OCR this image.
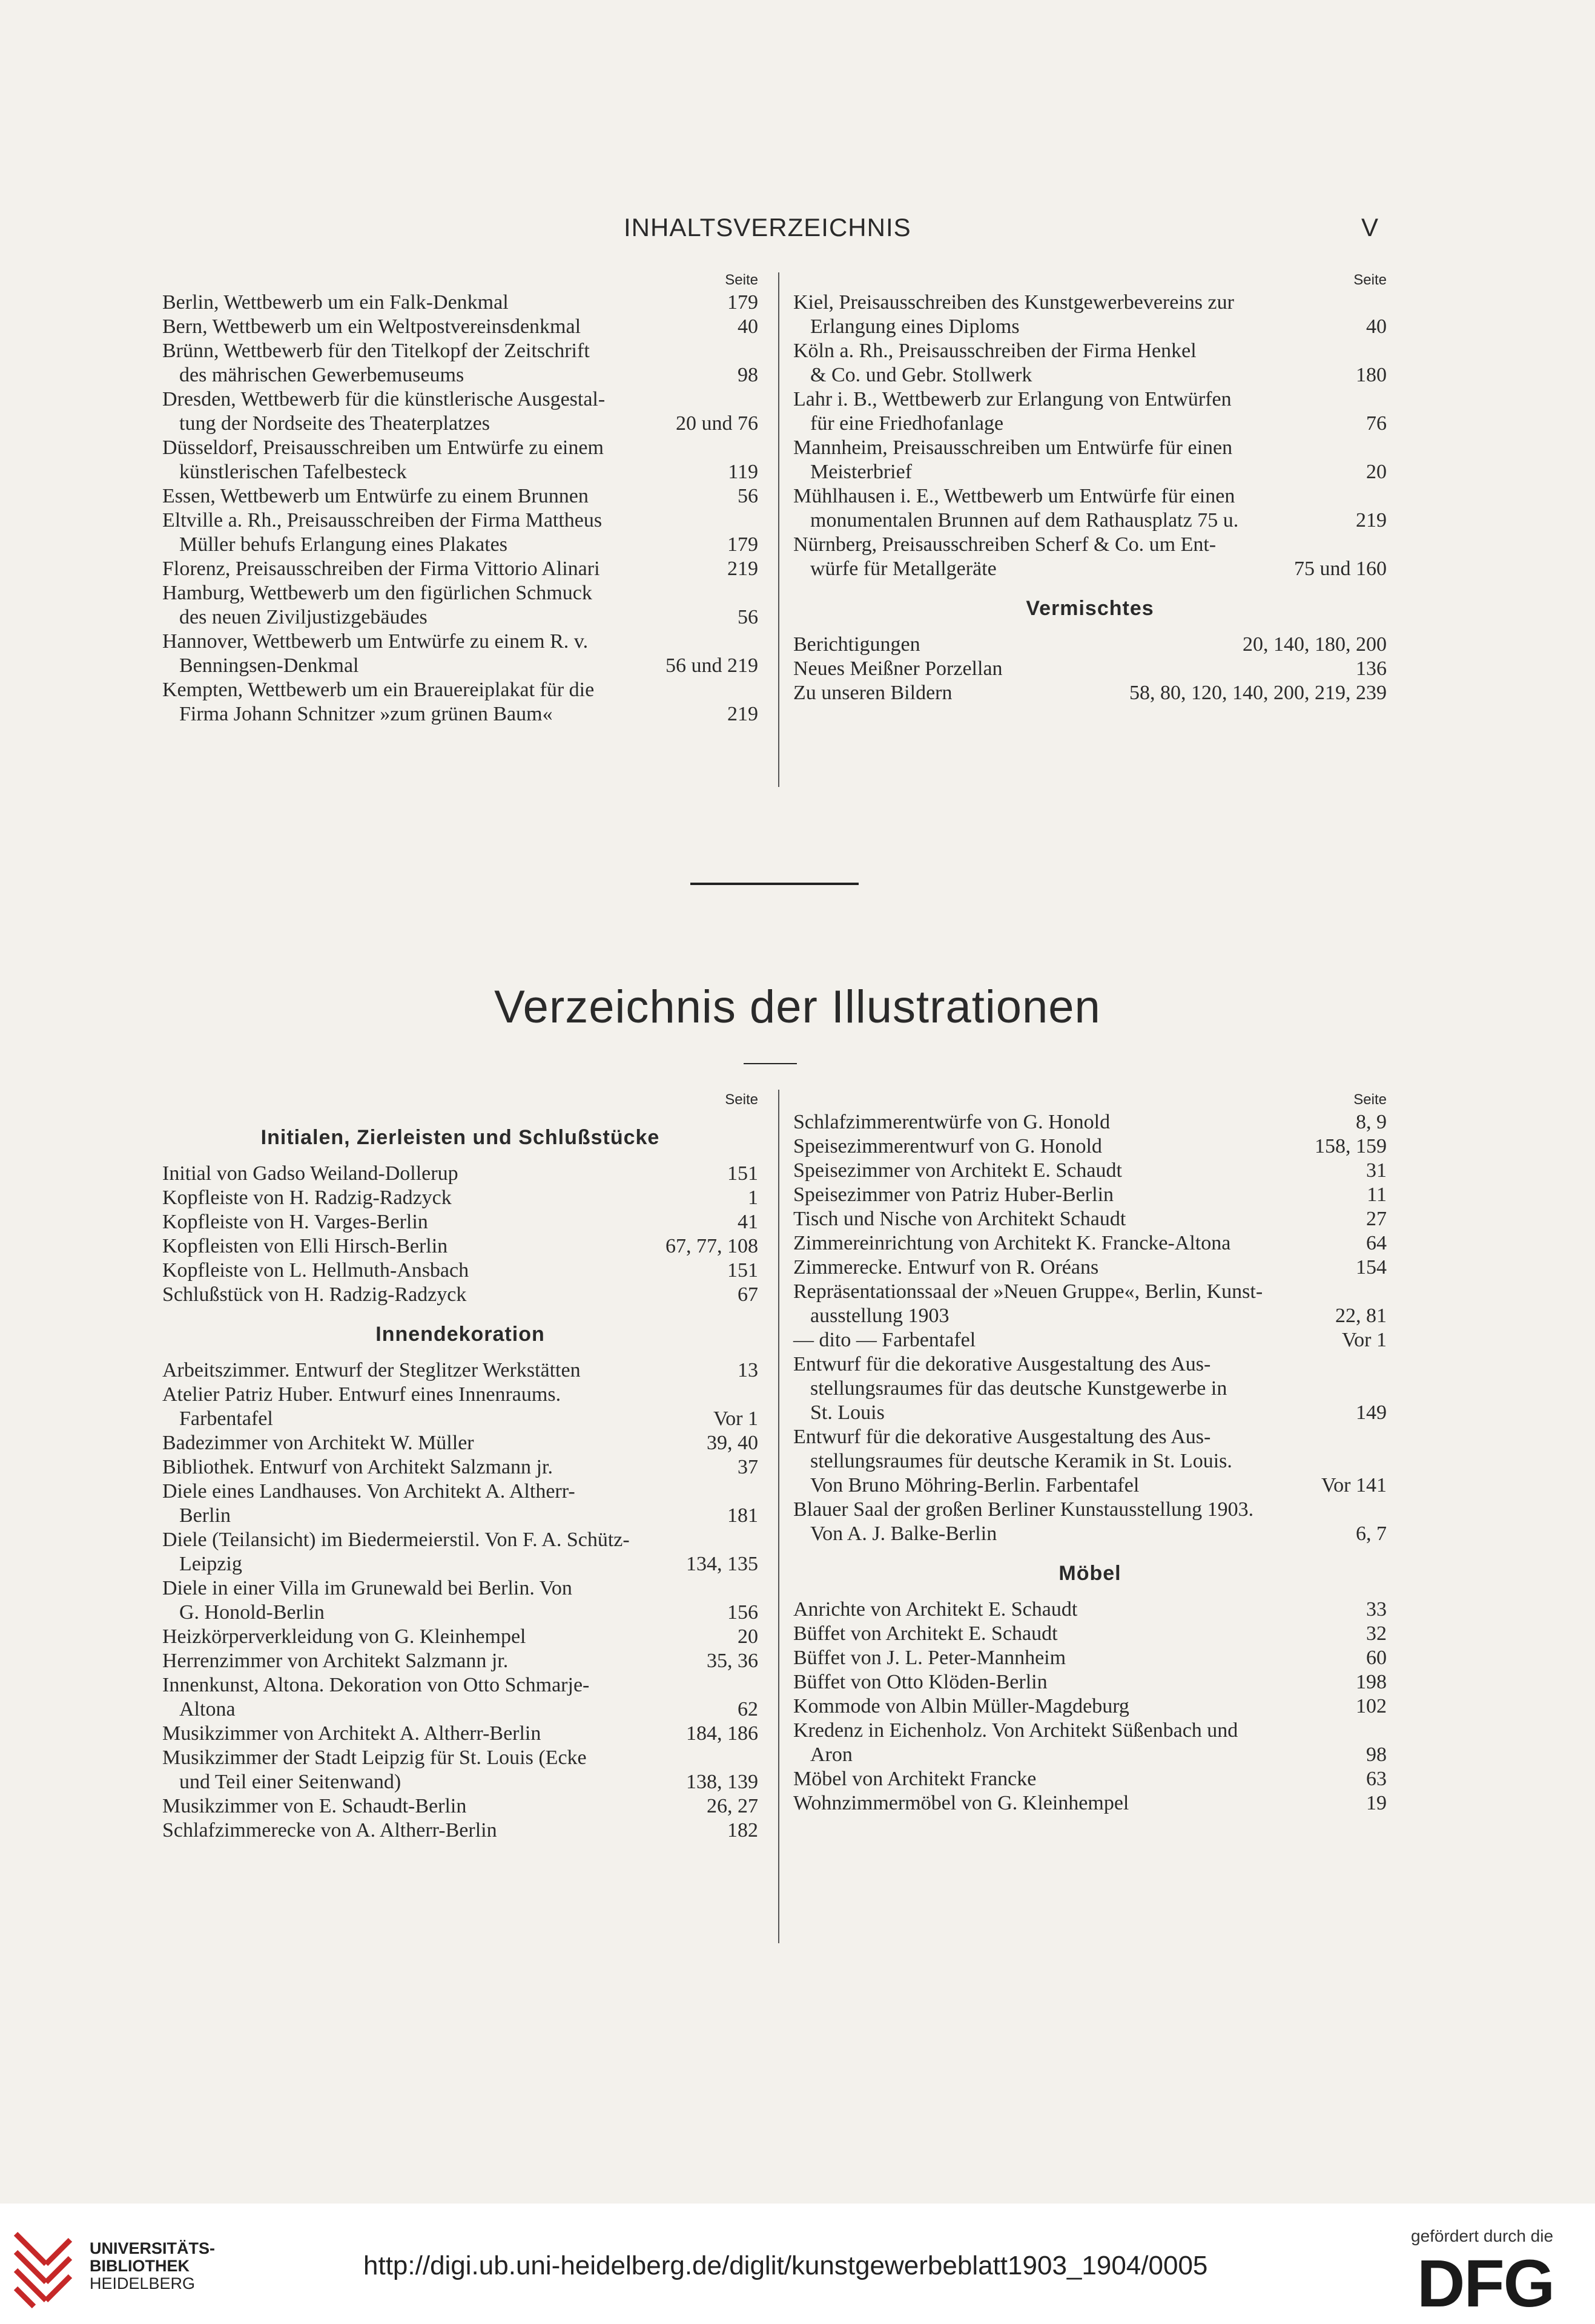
INHALTSVERZEICHNIS	V
Seite
Berlin, Wettbewerb um ein Falk-Denkmal	179
Bern, Wettbewerb um ein Weltpostvereinsdenkmal	40
Brünn, Wettbewerb für den Titelkopf der Zeitschrift
des mährischen Gewerbemuseums	98
Dresden, Wettbewerb für die künstlerische Ausgestal-
tung der Nordseite des Theaterplatzes	20 und 76
Düsseldorf, Preisausschreiben um Entwürfe zu einem
künstlerischen Tafelbesteck	119
Essen, Wettbewerb um Entwürfe zu einem Brunnen	56
Eltville a. Rh., Preisausschreiben der Firma Mattheus
Müller behufs Erlangung eines Plakates	179
Florenz, Preisausschreiben der Firma Vittorio Alinari	219
Hamburg, Wettbewerb um den figürlichen Schmuck
des neuen Ziviljustizgebäudes	56
Hannover, Wettbewerb um Entwürfe zu einem R. v.
Benningsen-Denkmal	56 und 219
Kempten, Wettbewerb um ein Brauereiplakat für die
Firma Johann Schnitzer »zum grünen Baum«	219
Seite
Kiel, Preisausschreiben des Kunstgewerbevereins zur
Erlangung eines Diploms	40
Köln a. Rh., Preisausschreiben der Firma Henkel
& Co. und Gebr. Stollwerk	180
Lahr i. B., Wettbewerb zur Erlangung von Entwürfen
für eine Friedhofanlage	76
Mannheim, Preisausschreiben um Entwürfe für einen
Meisterbrief	20
Mühlhausen i. E., Wettbewerb um Entwürfe für einen
monumentalen Brunnen auf dem Rathausplatz 75 u.	219
Nürnberg, Preisausschreiben Scherf & Co. um Ent-
würfe für Metallgeräte	75 und 160
Vermischtes
Berichtigungen	20, 140, 180, 200
Neues Meißner Porzellan	136
Zu unseren Bildern	58, 80, 120, 140, 200, 219, 239
Verzeichnis der Illustrationen
Seite
Initialen, Zierleisten und Schlußstücke
Initial von Gadso Weiland-Dollerup	151
Kopfleiste von H. Radzig-Radzyck	1
Kopfleiste von H. Varges-Berlin	41
Kopfleisten von Elli Hirsch-Berlin	67, 77, 108
Kopfleiste von L. Hellmuth-Ansbach	151
Schlußstück von H. Radzig-Radzyck	67
Innendekoration
Arbeitszimmer. Entwurf der Steglitzer Werkstätten	13
Atelier Patriz Huber. Entwurf eines Innenraums.
Farbentafel	Vor 1
Badezimmer von Architekt W. Müller	39, 40
Bibliothek. Entwurf von Architekt Salzmann jr.	37
Diele eines Landhauses. Von Architekt A. Altherr-
Berlin	181
Diele (Teilansicht) im Biedermeierstil. Von F. A. Schütz-
Leipzig	134, 135
Diele in einer Villa im Grunewald bei Berlin. Von
G. Honold-Berlin	156
Heizkörperverkleidung von G. Kleinhempel	20
Herrenzimmer von Architekt Salzmann jr.	35, 36
Innenkunst, Altona. Dekoration von Otto Schmarje-
Altona	62
Musikzimmer von Architekt A. Altherr-Berlin	184, 186
Musikzimmer der Stadt Leipzig für St. Louis (Ecke
und Teil einer Seitenwand)	138, 139
Musikzimmer von E. Schaudt-Berlin	26, 27
Schlafzimmerecke von A. Altherr-Berlin	182
Seite
Schlafzimmerentwürfe von G. Honold	8, 9
Speisezimmerentwurf von G. Honold	158, 159
Speisezimmer von Architekt E. Schaudt	31
Speisezimmer von Patriz Huber-Berlin	11
Tisch und Nische von Architekt Schaudt	27
Zimmereinrichtung von Architekt K. Francke-Altona	64
Zimmerecke. Entwurf von R. Oréans	154
Repräsentationssaal der »Neuen Gruppe«, Berlin, Kunst-
ausstellung 1903	22, 81
— dito — Farbentafel	Vor 1
Entwurf für die dekorative Ausgestaltung des Aus-
stellungsraumes für das deutsche Kunstgewerbe in
St. Louis	149
Entwurf für die dekorative Ausgestaltung des Aus-
stellungsraumes für deutsche Keramik in St. Louis.
Von Bruno Möhring-Berlin. Farbentafel	Vor 141
Blauer Saal der großen Berliner Kunstausstellung 1903.
Von A. J. Balke-Berlin	6, 7
Möbel
Anrichte von Architekt E. Schaudt	33
Büffet von Architekt E. Schaudt	32
Büffet von J. L. Peter-Mannheim	60
Büffet von Otto Klöden-Berlin	198
Kommode von Albin Müller-Magdeburg	102
Kredenz in Eichenholz. Von Architekt Süßenbach und
Aron	98
Möbel von Architekt Francke	63
Wohnzimmermöbel von G. Kleinhempel	19
UNIVERSITÄTS-
BIBLIOTHEK
HEIDELBERG
http://digi.ub.uni-heidelberg.de/diglit/kunstgewerbeblatt1903_1904/0005
gefördert durch die
DFG
